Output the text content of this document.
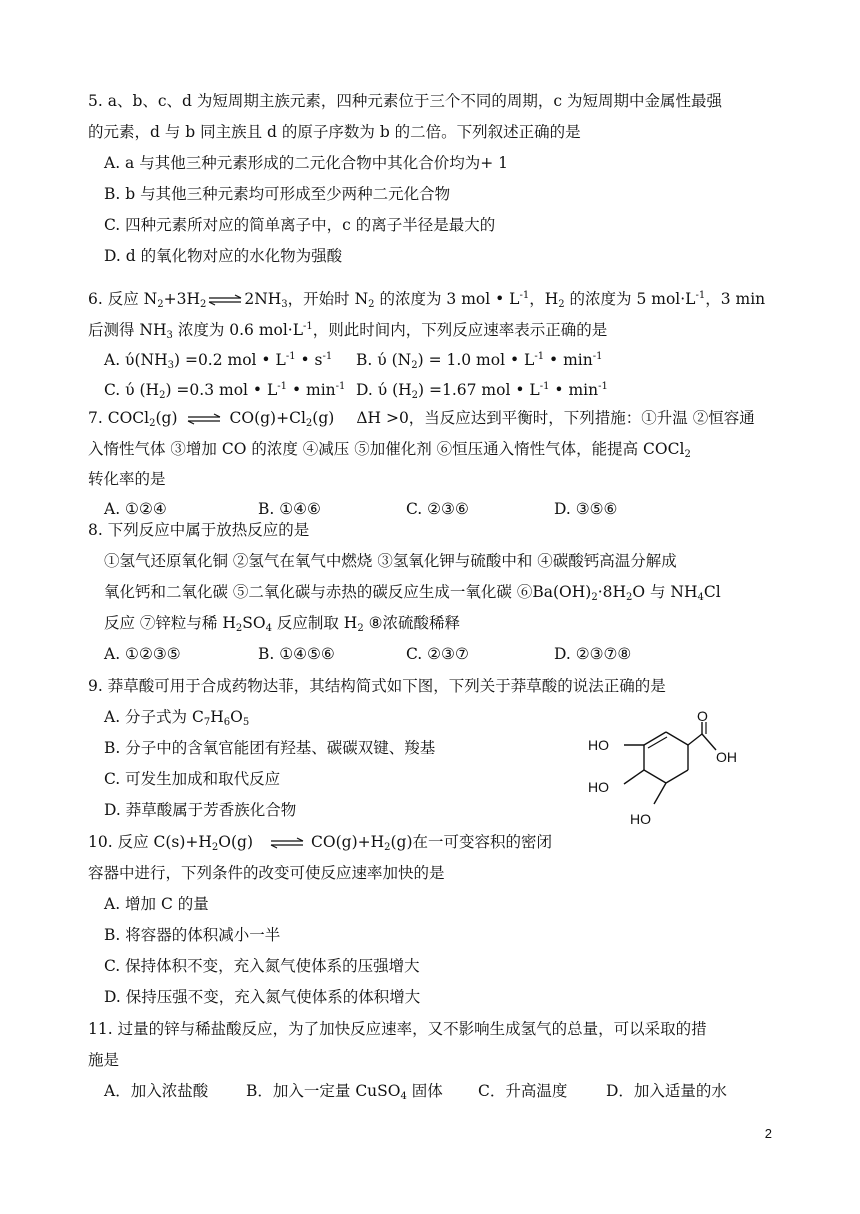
5. a、b、c、d 为短周期主族元素，四种元素位于三个不同的周期，c 为短周期中金属性最强
的元素，d 与 b 同主族且 d 的原子序数为 b 的二倍。下列叙述正确的是
A. a 与其他三种元素形成的二元化合物中其化合价均为+ 1
B. b 与其他三种元素均可形成至少两种二元化合物
C. 四种元素所对应的简单离子中，c 的离子半径是最大的
D. d 的氧化物对应的水化物为强酸
6. 反应 $N_2+3H_2$ ⇌ $2NH_3$，开始时 $N_2$ 的浓度为 3 mol • $L^{-1}$，$H_2$ 的浓度为 5 $mol\cdot L^{-1}$，3 min
后测得 $NH_3$ 浓度为 0.6 $mol\cdot L^{-1}$，则此时间内，下列反应速率表示正确的是
A. $ύ(NH_3) =0.2$ mol • $L^{-1}$ • $s^{-1}$ B. ύ $(N_2) = 1.0$ mol • $L^{-1}$ • $\min^{-1}$
C. ύ $(H_2) =0.3$ mol • $L^{-1}$ • $\min^{-1} D$. ύ $(H_2) =1.67$ mol • $L^{-1}$ • $\min^{-1}$
7. COCl$_2$(g) ⇌ $CO(g)+Cl_2(g)$ ΔH >0，当反应达到平衡时，下列措施：①升温 ②恒容通
入惰性气体 ③增加 CO 的浓度 ④减压 ⑤加催化剂 ⑥恒压通入惰性气体，能提高 COCl$_2$
转化率的是
A. ①②④	B. ①④⑥	C. ②③⑥	D. ③⑤⑥
8. 下列反应中属于放热反应的是
①氢气还原氧化铜 ②氢气在氧气中燃烧 ③氢氧化钾与硫酸中和 ④碳酸钙高温分解成
氧化钙和二氧化碳 ⑤二氧化碳与赤热的碳反应生成一氧化碳 $⑥Ba(OH)_2\cdot 8H_2O$ 与 $NH_4Cl$
反应 ⑦锌粒与稀 $H_2SO_4$ 反应制取 $H_2$ ⑧浓硫酸稀释
A. ①②③⑤	B. ①④⑤⑥	C. ②③⑦	D. ②③⑦⑧
9. 莽草酸可用于合成药物达菲，其结构简式如下图，下列关于莽草酸的说法正确的是
A. 分子式为 $C_7H_6O_5$
B. 分子中的含氧官能团有羟基、碳碳双键、羧基
C. 可发生加成和取代反应
D. 莽草酸属于芳香族化合物
O
OH
HO
HO
HO
10. 反应 $C(s)+H_2O(g)$ ⇌ $CO(g)+H_2(g)$在一可变容积的密闭
容器中进行，下列条件的改变可使反应速率加快的是
A. 增加 C 的量
B. 将容器的体积减小一半
C. 保持体积不变，充入氮气使体系的压强增大
D. 保持压强不变，充入氮气使体系的体积增大
11. 过量的锌与稀盐酸反应，为了加快反应速率，又不影响生成氢气的总量，可以采取的措
施是
A．加入浓盐酸 B．加入一定量 CuSO$_4$ 固体 C．升高温度 D．加入适量的水
2
